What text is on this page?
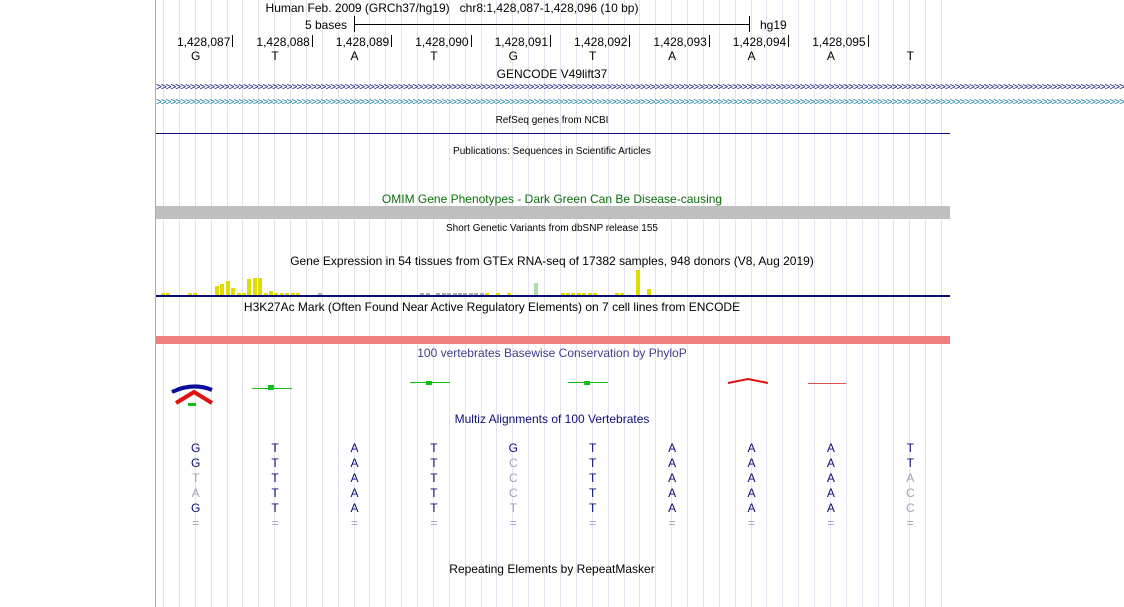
Human Feb. 2009 (GRCh37/hg19) chr8:1,428,087-1,428,096 (10 bp)
5 bases	hg19
1,428,087	1,428,088	1,428,089	1,428,090	1,428,091	1,428,092	1,428,093	1,428,094	1,428,095
G	T	A	T	G	T	A	A	A	T
GENCODE V49lift37
>>>>>>>>>>>>>>>>>>>>>>>>>>>>>>>>>>>>>>>>>>>>>>>>>>>>>>>>>>>>>>>>>>>>>>>>>>>>>>>>>>>>>>>>>>>>>>>>>>>>>>>>>>>>>>>>>>>>>>>>>>>>>>>>>>>>>>>>>>>>>>>>>>>>>>>>>>>>>>>>>>>>>>>>>>>>>>>>>>>>>>>>>>>>>>>>>>>>>>>>
>>>>>>>>>>>>>>>>>>>>>>>>>>>>>>>>>>>>>>>>>>>>>>>>>>>>>>>>>>>>>>>>>>>>>>>>>>>>>>>>>>>>>>>>>>>>>>>>>>>>>>>>>>>>>>>>>>>>>>>>>>>>>>>>>>>>>>>>>>>>>>>>>>>>>>>>>>>>>>>>>>>>>>>>>>>>>>>>>>>>>>>>>>>>>>>>>>>>>>>>
RefSeq genes from NCBI
Publications: Sequences in Scientific Articles
OMIM Gene Phenotypes - Dark Green Can Be Disease-causing
Short Genetic Variants from dbSNP release 155
Gene Expression in 54 tissues from GTEx RNA-seq of 17382 samples, 948 donors (V8, Aug 2019)
H3K27Ac Mark (Often Found Near Active Regulatory Elements) on 7 cell lines from ENCODE
100 vertebrates Basewise Conservation by PhyloP
Multiz Alignments of 100 Vertebrates
G	T	A	T	G	T	A	A	A	T
G	T	A	T	C	T	A	A	A	T
T	T	A	T	C	T	A	A	A	A
A	T	A	T	C	T	A	A	A	C
G	T	A	T	T	T	A	A	A	C
=	=	=	=	=	=	=	=	=	=
Repeating Elements by RepeatMasker
